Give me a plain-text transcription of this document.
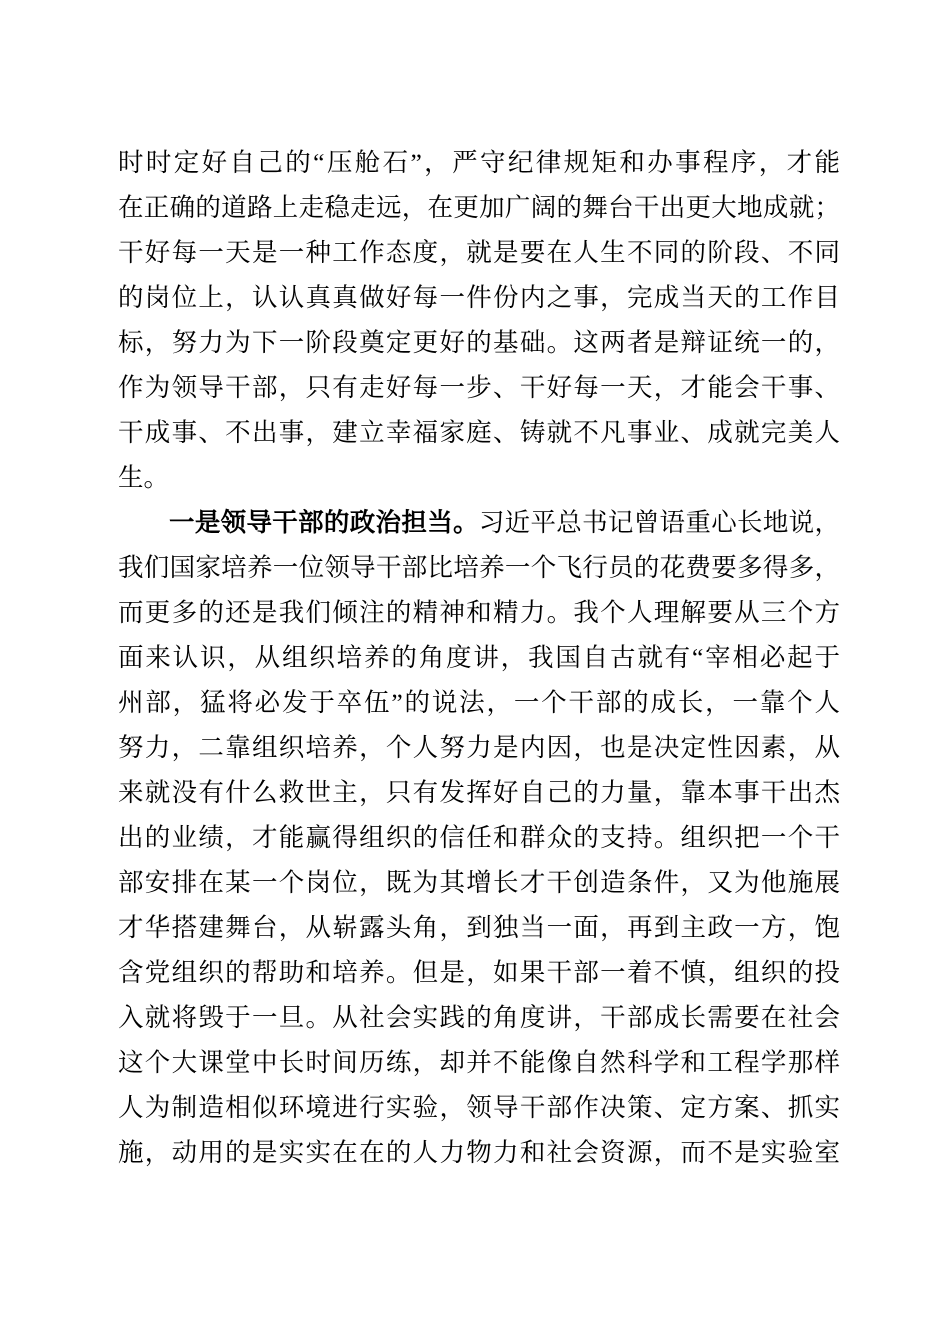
时时定好自己的“压舱石”，严守纪律规矩和办事程序，才能
在正确的道路上走稳走远，在更加广阔的舞台干出更大地成就；
干好每一天是一种工作态度，就是要在人生不同的阶段、不同
的岗位上，认认真真做好每一件份内之事，完成当天的工作目
标，努力为下一阶段奠定更好的基础。这两者是辩证统一的，
作为领导干部，只有走好每一步、干好每一天，才能会干事、
干成事、不出事，建立幸福家庭、铸就不凡事业、成就完美人
生。
一是领导干部的政治担当。习近平总书记曾语重心长地说，
我们国家培养一位领导干部比培养一个飞行员的花费要多得多，
而更多的还是我们倾注的精神和精力。我个人理解要从三个方
面来认识，从组织培养的角度讲，我国自古就有“宰相必起于
州部，猛将必发于卒伍”的说法，一个干部的成长，一靠个人
努力，二靠组织培养，个人努力是内因，也是决定性因素，从
来就没有什么救世主，只有发挥好自己的力量，靠本事干出杰
出的业绩，才能赢得组织的信任和群众的支持。组织把一个干
部安排在某一个岗位，既为其增长才干创造条件，又为他施展
才华搭建舞台，从崭露头角，到独当一面，再到主政一方，饱
含党组织的帮助和培养。但是，如果干部一着不慎，组织的投
入就将毁于一旦。从社会实践的角度讲，干部成长需要在社会
这个大课堂中长时间历练，却并不能像自然科学和工程学那样
人为制造相似环境进行实验，领导干部作决策、定方案、抓实
施，动用的是实实在在的人力物力和社会资源，而不是实验室
